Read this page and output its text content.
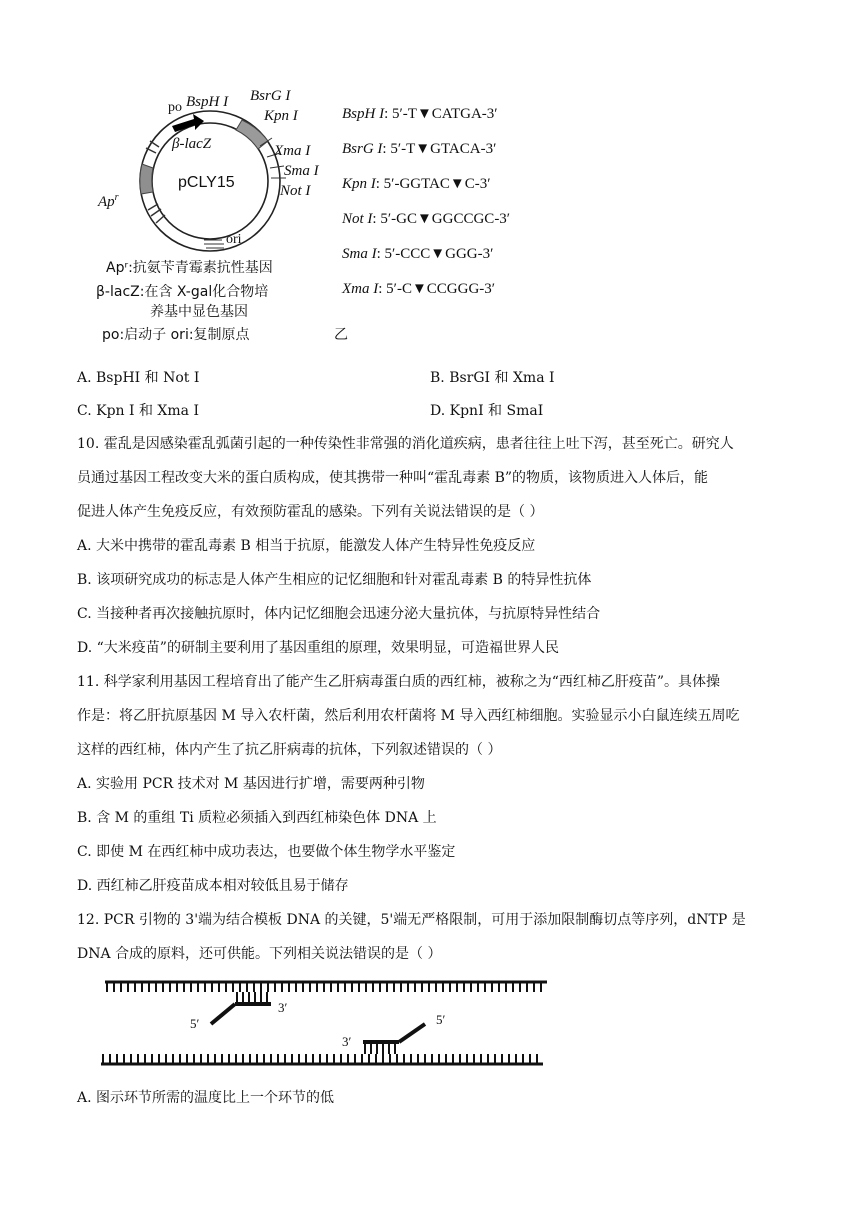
po BspH I BsrG I
Kpn I
β-lacZ	Xma I
Sma I
Not I
pCLY15
Ap$^r$
ori
Apʳ:抗氨苄青霉素抗性基因
β-lacZ:在含 X-gal化合物培
养基中显色基因
po:启动子 ori:复制原点	乙
BspH I: 5′-T▼CATGA-3′
BsrG I: 5′-T▼GTACA-3′
Kpn I: 5′-GGTAC▼C-3′
Not I: 5′-GC▼GGCCGC-3′
Sma I: 5′-CCC▼GGG-3′
Xma I: 5′-C▼CCGGG-3′
A. BspHI 和 Not I	B. BsrGI 和 Xma I
C. Kpn I 和 Xma I	D. KpnI 和 SmaI
10. 霍乱是因感染霍乱弧菌引起的一种传染性非常强的消化道疾病，患者往往上吐下泻，甚至死亡。研究人
员通过基因工程改变大米的蛋白质构成，使其携带一种叫“霍乱毒素 B”的物质，该物质进入人体后，能
促进人体产生免疫反应，有效预防霍乱的感染。下列有关说法错误的是（ ）
A. 大米中携带的霍乱毒素 B 相当于抗原，能激发人体产生特异性免疫反应
B. 该项研究成功的标志是人体产生相应的记忆细胞和针对霍乱毒素 B 的特异性抗体
C. 当接种者再次接触抗原时，体内记忆细胞会迅速分泌大量抗体，与抗原特异性结合
D. “大米疫苗”的研制主要利用了基因重组的原理，效果明显，可造福世界人民
11. 科学家利用基因工程培育出了能产生乙肝病毒蛋白质的西红柿，被称之为“西红柿乙肝疫苗”。具体操
作是：将乙肝抗原基因 M 导入农杆菌，然后利用农杆菌将 M 导入西红柿细胞。实验显示小白鼠连续五周吃
这样的西红柿，体内产生了抗乙肝病毒的抗体，下列叙述错误的（ ）
A. 实验用 PCR 技术对 M 基因进行扩增，需要两种引物
B. 含 M 的重组 Ti 质粒必须插入到西红柿染色体 DNA 上
C. 即使 M 在西红柿中成功表达，也要做个体生物学水平鉴定
D. 西红柿乙肝疫苗成本相对较低且易于储存
12. PCR 引物的 3'端为结合模板 DNA 的关键，5'端无严格限制，可用于添加限制酶切点等序列，dNTP 是
DNA 合成的原料，还可供能。下列相关说法错误的是（ ）
3′
5′
3′
5′
A. 图示环节所需的温度比上一个环节的低
